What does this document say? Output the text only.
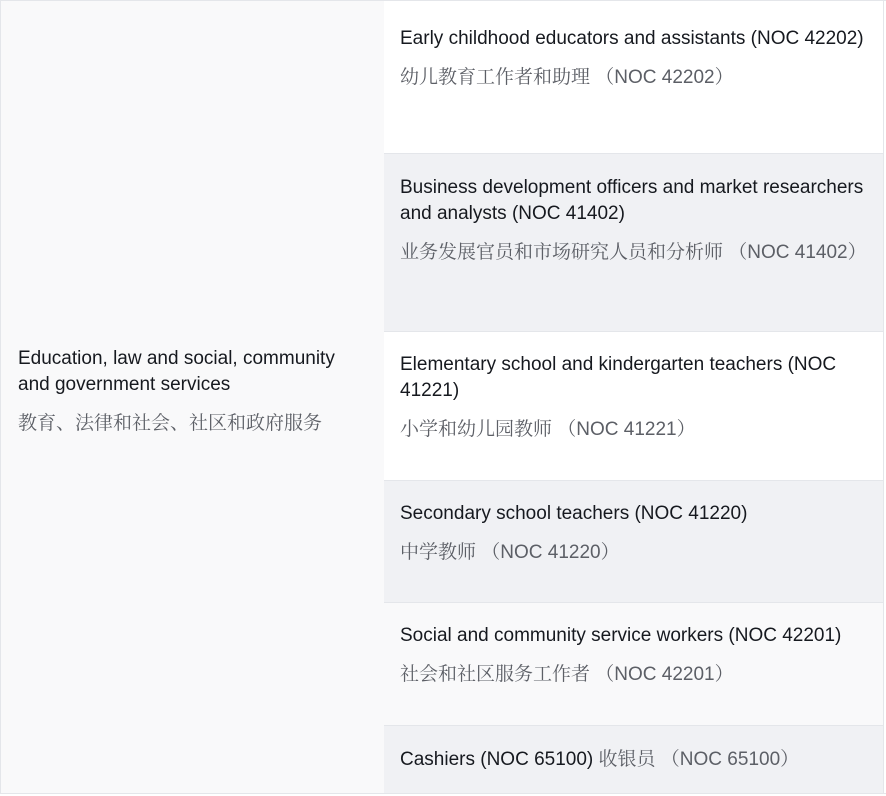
Education, law and social, community and government services

教育、法律和社会、社区和政府服务

Early childhood educators and assistants (NOC 42202)

幼儿教育工作者和助理 （NOC 42202）

Business development officers and market researchers and analysts (NOC 41402)

业务发展官员和市场研究人员和分析师 （NOC 41402）

Elementary school and kindergarten teachers (NOC 41221)

小学和幼儿园教师 （NOC 41221）

Secondary school teachers (NOC 41220)

中学教师 （NOC 41220）

Social and community service workers (NOC 42201)

社会和社区服务工作者 （NOC 42201）

Cashiers (NOC 65100) 收银员 （NOC 65100）
